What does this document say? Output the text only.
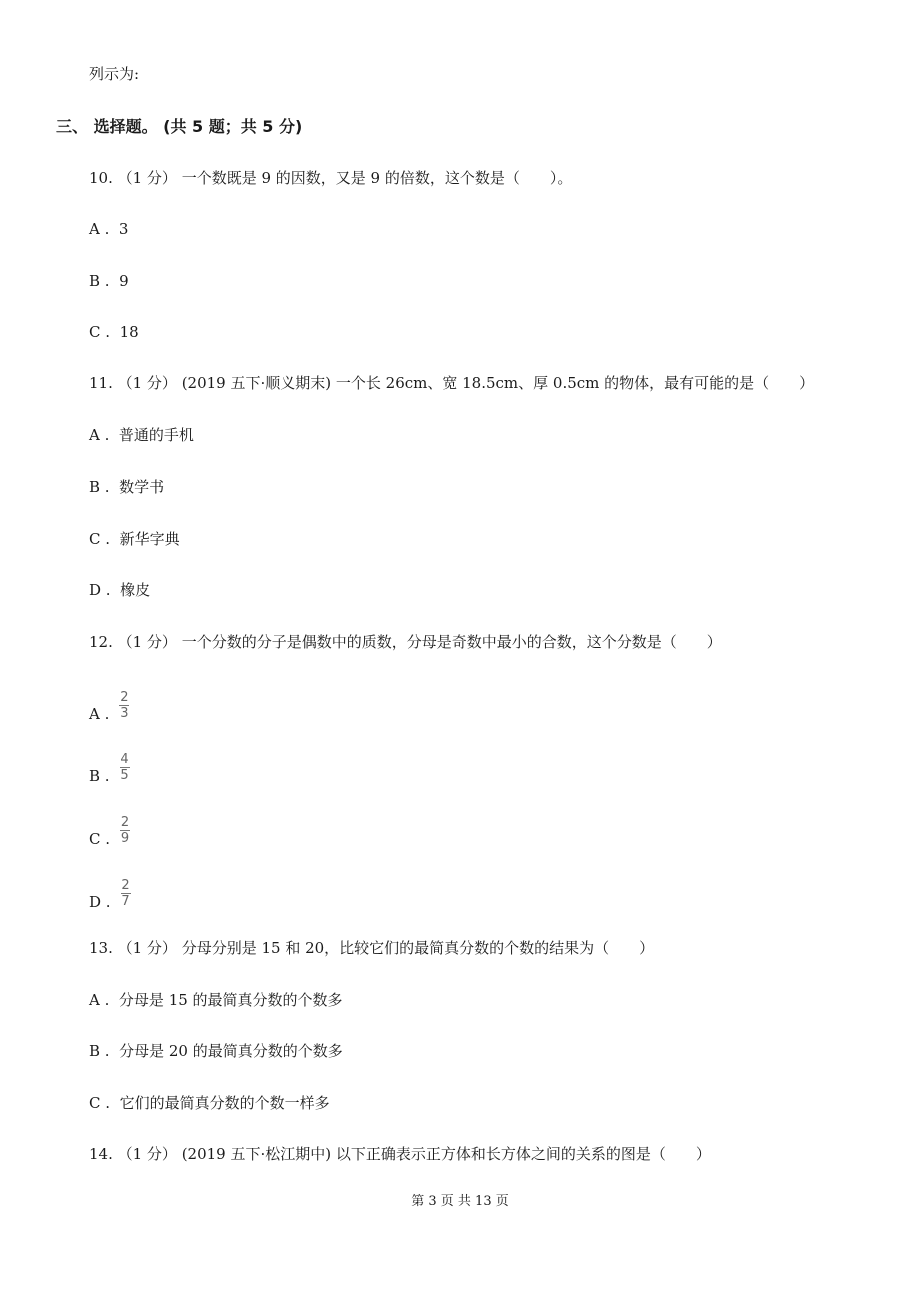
列示为:
三、 选择题。 (共 5 题；共 5 分)
10. （1 分） 一个数既是 9 的因数，又是 9 的倍数，这个数是（　　）。
A .
3
B .
9
C .
18
11. （1 分） (2019 五下·顺义期末) 一个长 26cm、宽 18.5cm、厚 0.5cm 的物体，最有可能的是（　　）
A .
普通的手机
B .
数学书
C .
新华字典
D .
橡皮
12. （1 分） 一个分数的分子是偶数中的质数，分母是奇数中最小的合数，这个分数是（　　）
A . $\frac{2}{3}$
B . $\frac{4}{5}$
C . $\frac{2}{9}$
D . $\frac{2}{7}$
13. （1 分） 分母分别是 15 和 20，比较它们的最简真分数的个数的结果为（　　）
A .
分母是 15 的最简真分数的个数多
B .
分母是 20 的最简真分数的个数多
C .
它们的最简真分数的个数一样多
14. （1 分） (2019 五下·松江期中) 以下正确表示正方体和长方体之间的关系的图是（　　）
第 3 页 共 13 页
